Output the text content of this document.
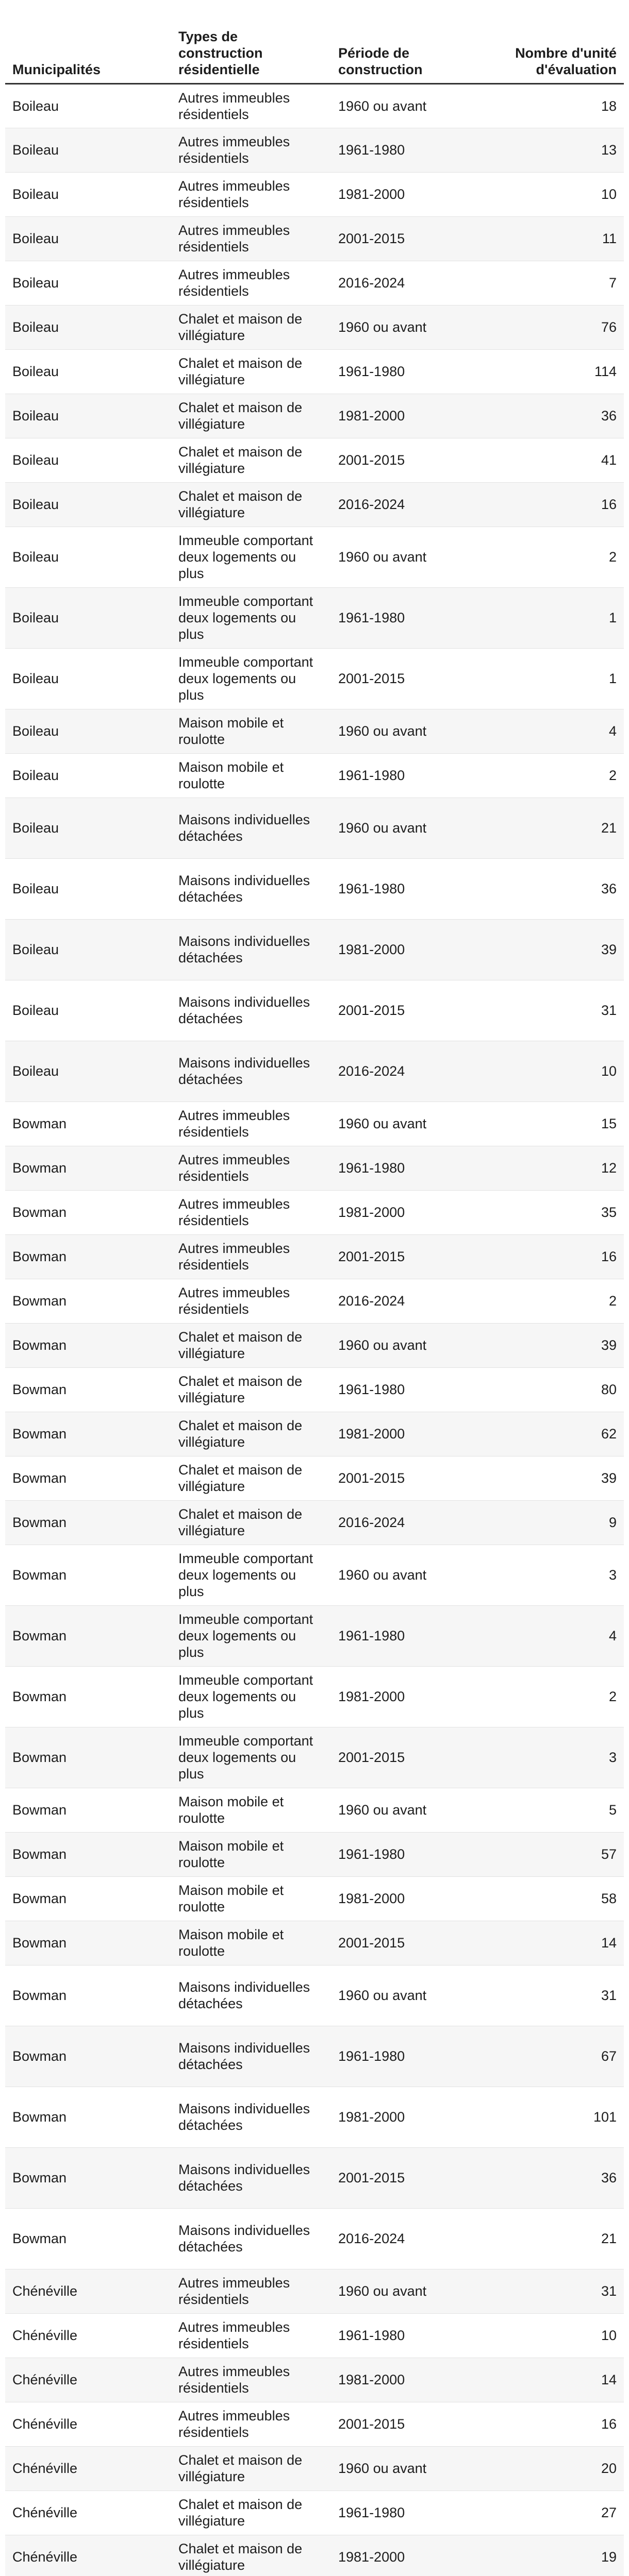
Municipalités	Types de construction résidentielle	Période de construction	Nombre d'unité d'évaluation
Boileau	Autres immeubles résidentiels	1960 ou avant	18
Boileau	Autres immeubles résidentiels	1961-1980	13
Boileau	Autres immeubles résidentiels	1981-2000	10
Boileau	Autres immeubles résidentiels	2001-2015	11
Boileau	Autres immeubles résidentiels	2016-2024	7
Boileau	Chalet et maison de villégiature	1960 ou avant	76
Boileau	Chalet et maison de villégiature	1961-1980	114
Boileau	Chalet et maison de villégiature	1981-2000	36
Boileau	Chalet et maison de villégiature	2001-2015	41
Boileau	Chalet et maison de villégiature	2016-2024	16
Boileau	Immeuble comportant deux logements ou plus	1960 ou avant	2
Boileau	Immeuble comportant deux logements ou plus	1961-1980	1
Boileau	Immeuble comportant deux logements ou plus	2001-2015	1
Boileau	Maison mobile et roulotte	1960 ou avant	4
Boileau	Maison mobile et roulotte	1961-1980	2
Boileau	Maisons individuelles détachées	1960 ou avant	21
Boileau	Maisons individuelles détachées	1961-1980	36
Boileau	Maisons individuelles détachées	1981-2000	39
Boileau	Maisons individuelles détachées	2001-2015	31
Boileau	Maisons individuelles détachées	2016-2024	10
Bowman	Autres immeubles résidentiels	1960 ou avant	15
Bowman	Autres immeubles résidentiels	1961-1980	12
Bowman	Autres immeubles résidentiels	1981-2000	35
Bowman	Autres immeubles résidentiels	2001-2015	16
Bowman	Autres immeubles résidentiels	2016-2024	2
Bowman	Chalet et maison de villégiature	1960 ou avant	39
Bowman	Chalet et maison de villégiature	1961-1980	80
Bowman	Chalet et maison de villégiature	1981-2000	62
Bowman	Chalet et maison de villégiature	2001-2015	39
Bowman	Chalet et maison de villégiature	2016-2024	9
Bowman	Immeuble comportant deux logements ou plus	1960 ou avant	3
Bowman	Immeuble comportant deux logements ou plus	1961-1980	4
Bowman	Immeuble comportant deux logements ou plus	1981-2000	2
Bowman	Immeuble comportant deux logements ou plus	2001-2015	3
Bowman	Maison mobile et roulotte	1960 ou avant	5
Bowman	Maison mobile et roulotte	1961-1980	57
Bowman	Maison mobile et roulotte	1981-2000	58
Bowman	Maison mobile et roulotte	2001-2015	14
Bowman	Maisons individuelles détachées	1960 ou avant	31
Bowman	Maisons individuelles détachées	1961-1980	67
Bowman	Maisons individuelles détachées	1981-2000	101
Bowman	Maisons individuelles détachées	2001-2015	36
Bowman	Maisons individuelles détachées	2016-2024	21
Chénéville	Autres immeubles résidentiels	1960 ou avant	31
Chénéville	Autres immeubles résidentiels	1961-1980	10
Chénéville	Autres immeubles résidentiels	1981-2000	14
Chénéville	Autres immeubles résidentiels	2001-2015	16
Chénéville	Chalet et maison de villégiature	1960 ou avant	20
Chénéville	Chalet et maison de villégiature	1961-1980	27
Chénéville	Chalet et maison de villégiature	1981-2000	19
